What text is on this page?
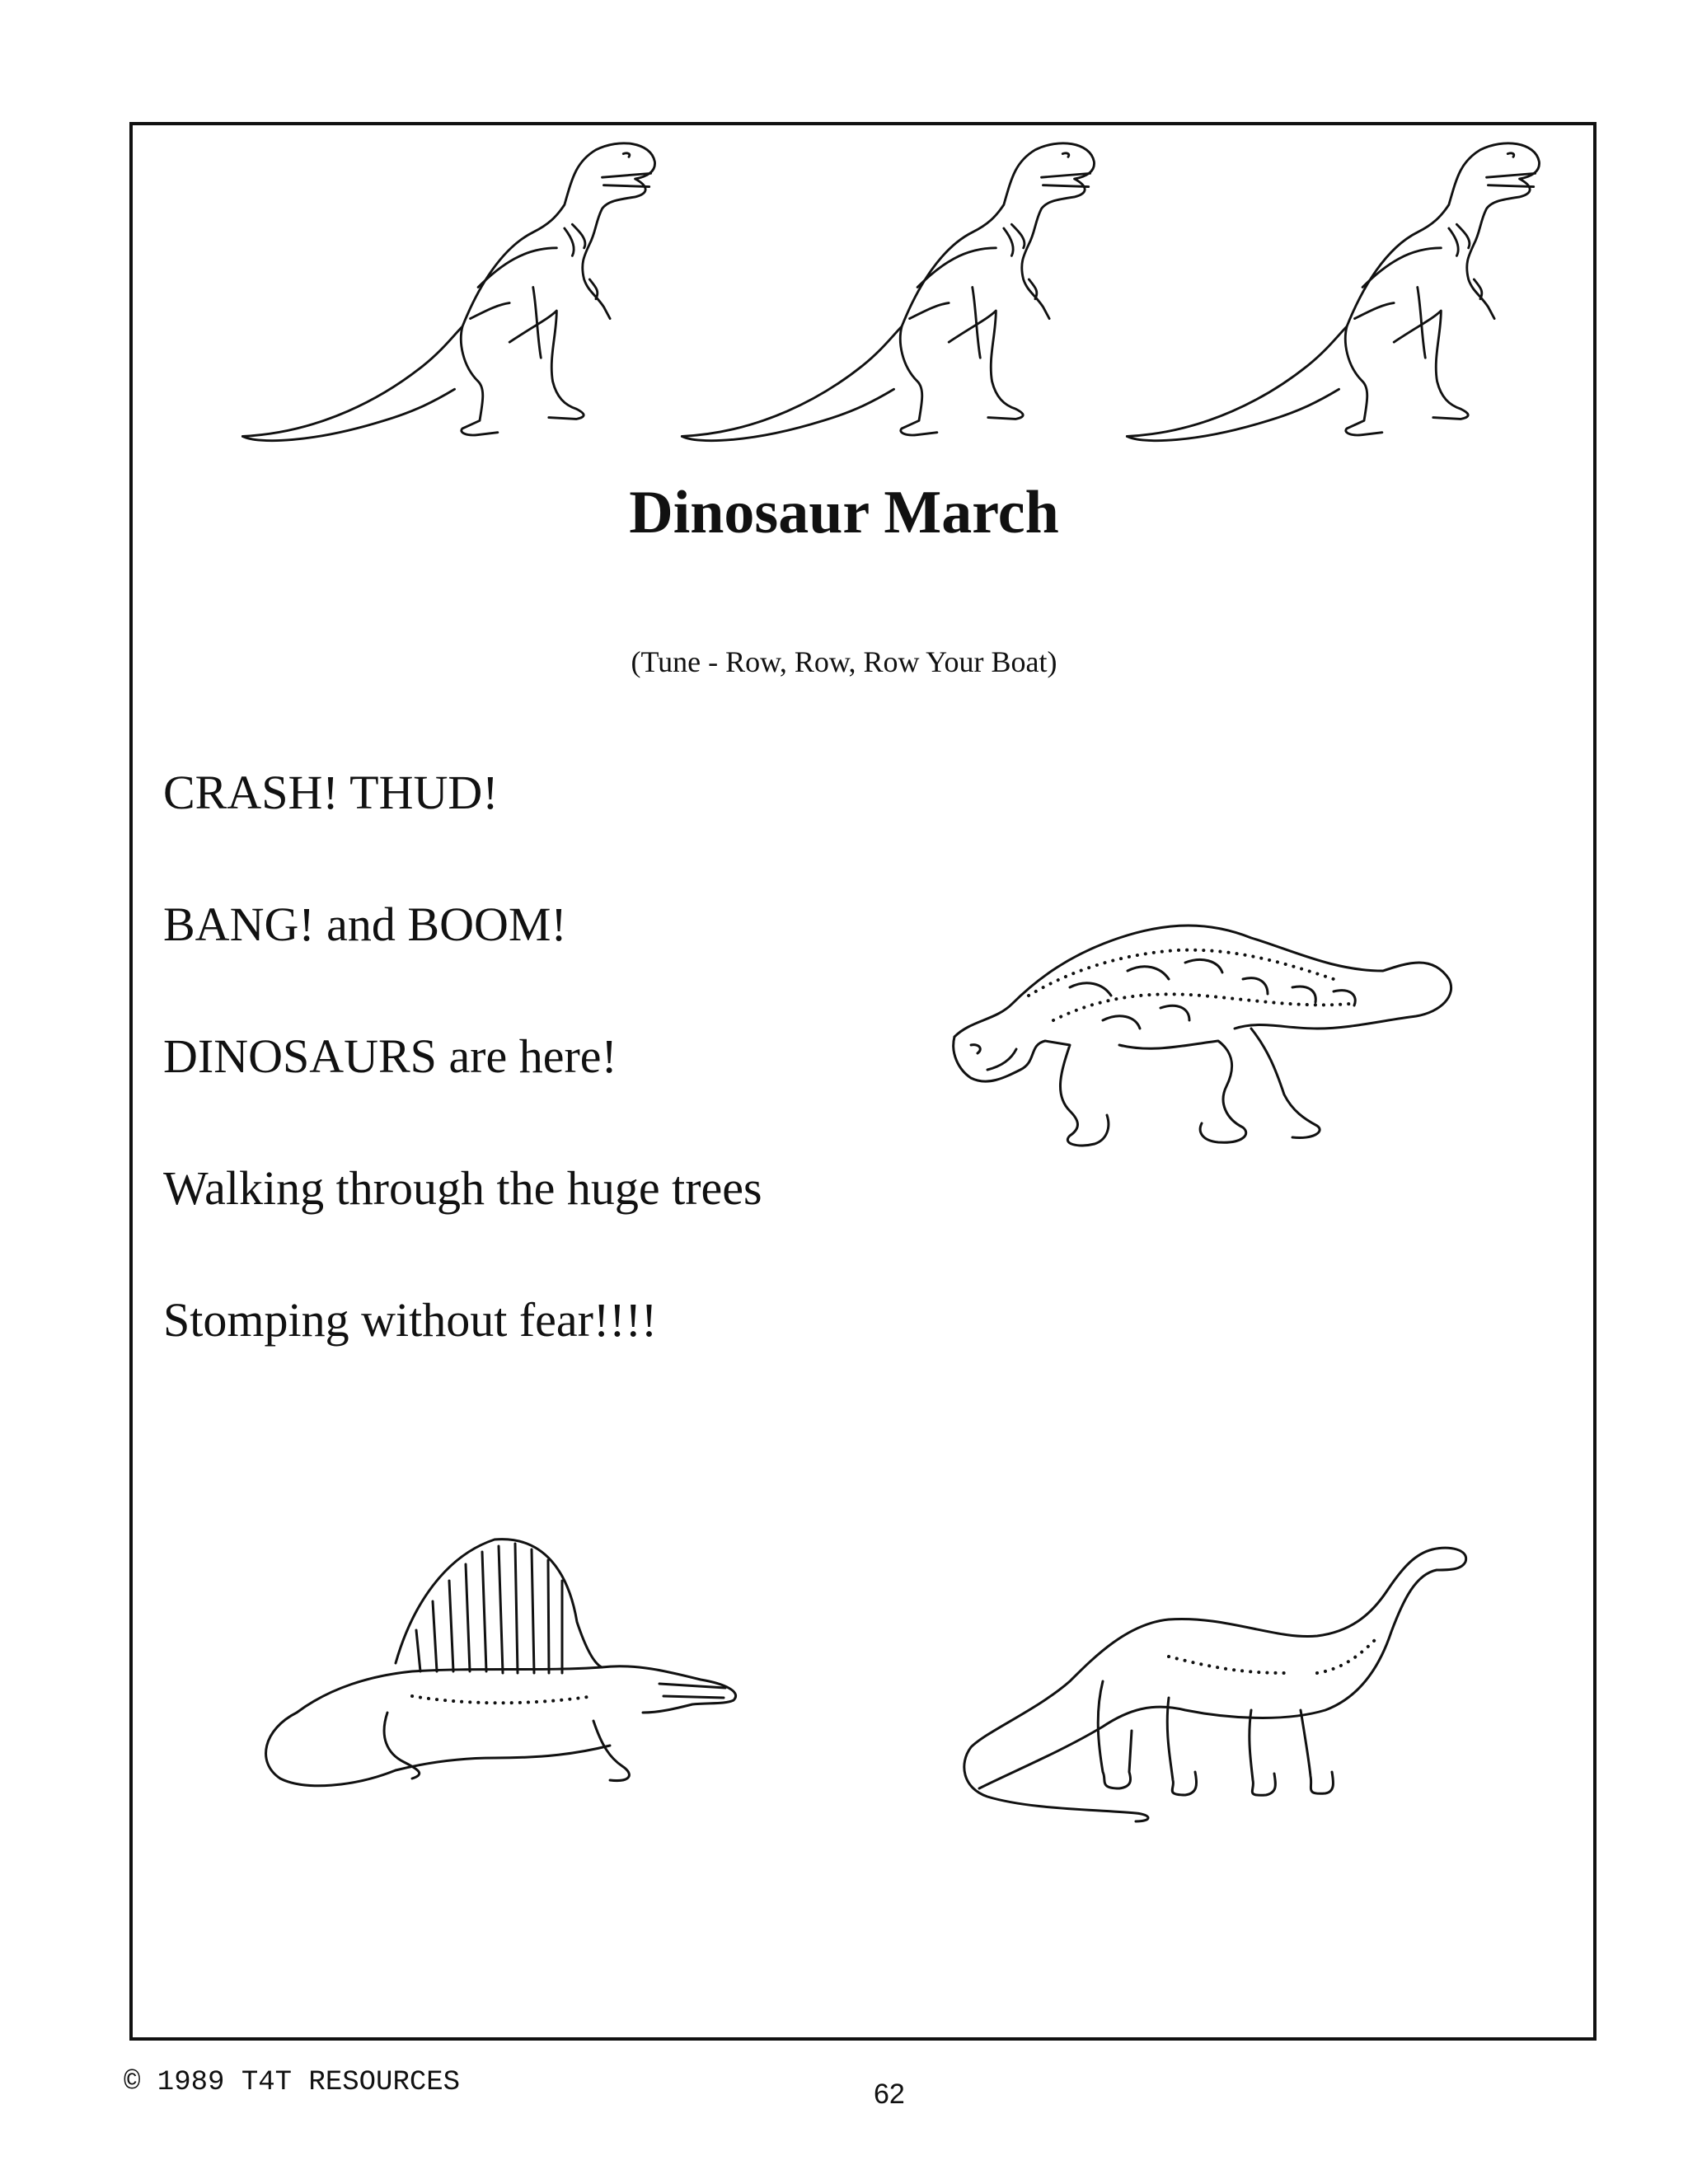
Dinosaur March
(Tune - Row, Row, Row Your Boat)
CRASH! THUD!
BANG! and BOOM!
DINOSAURS are here!
Walking through the huge trees
Stomping without fear!!!!
© 1989 T4T RESOURCES	62
